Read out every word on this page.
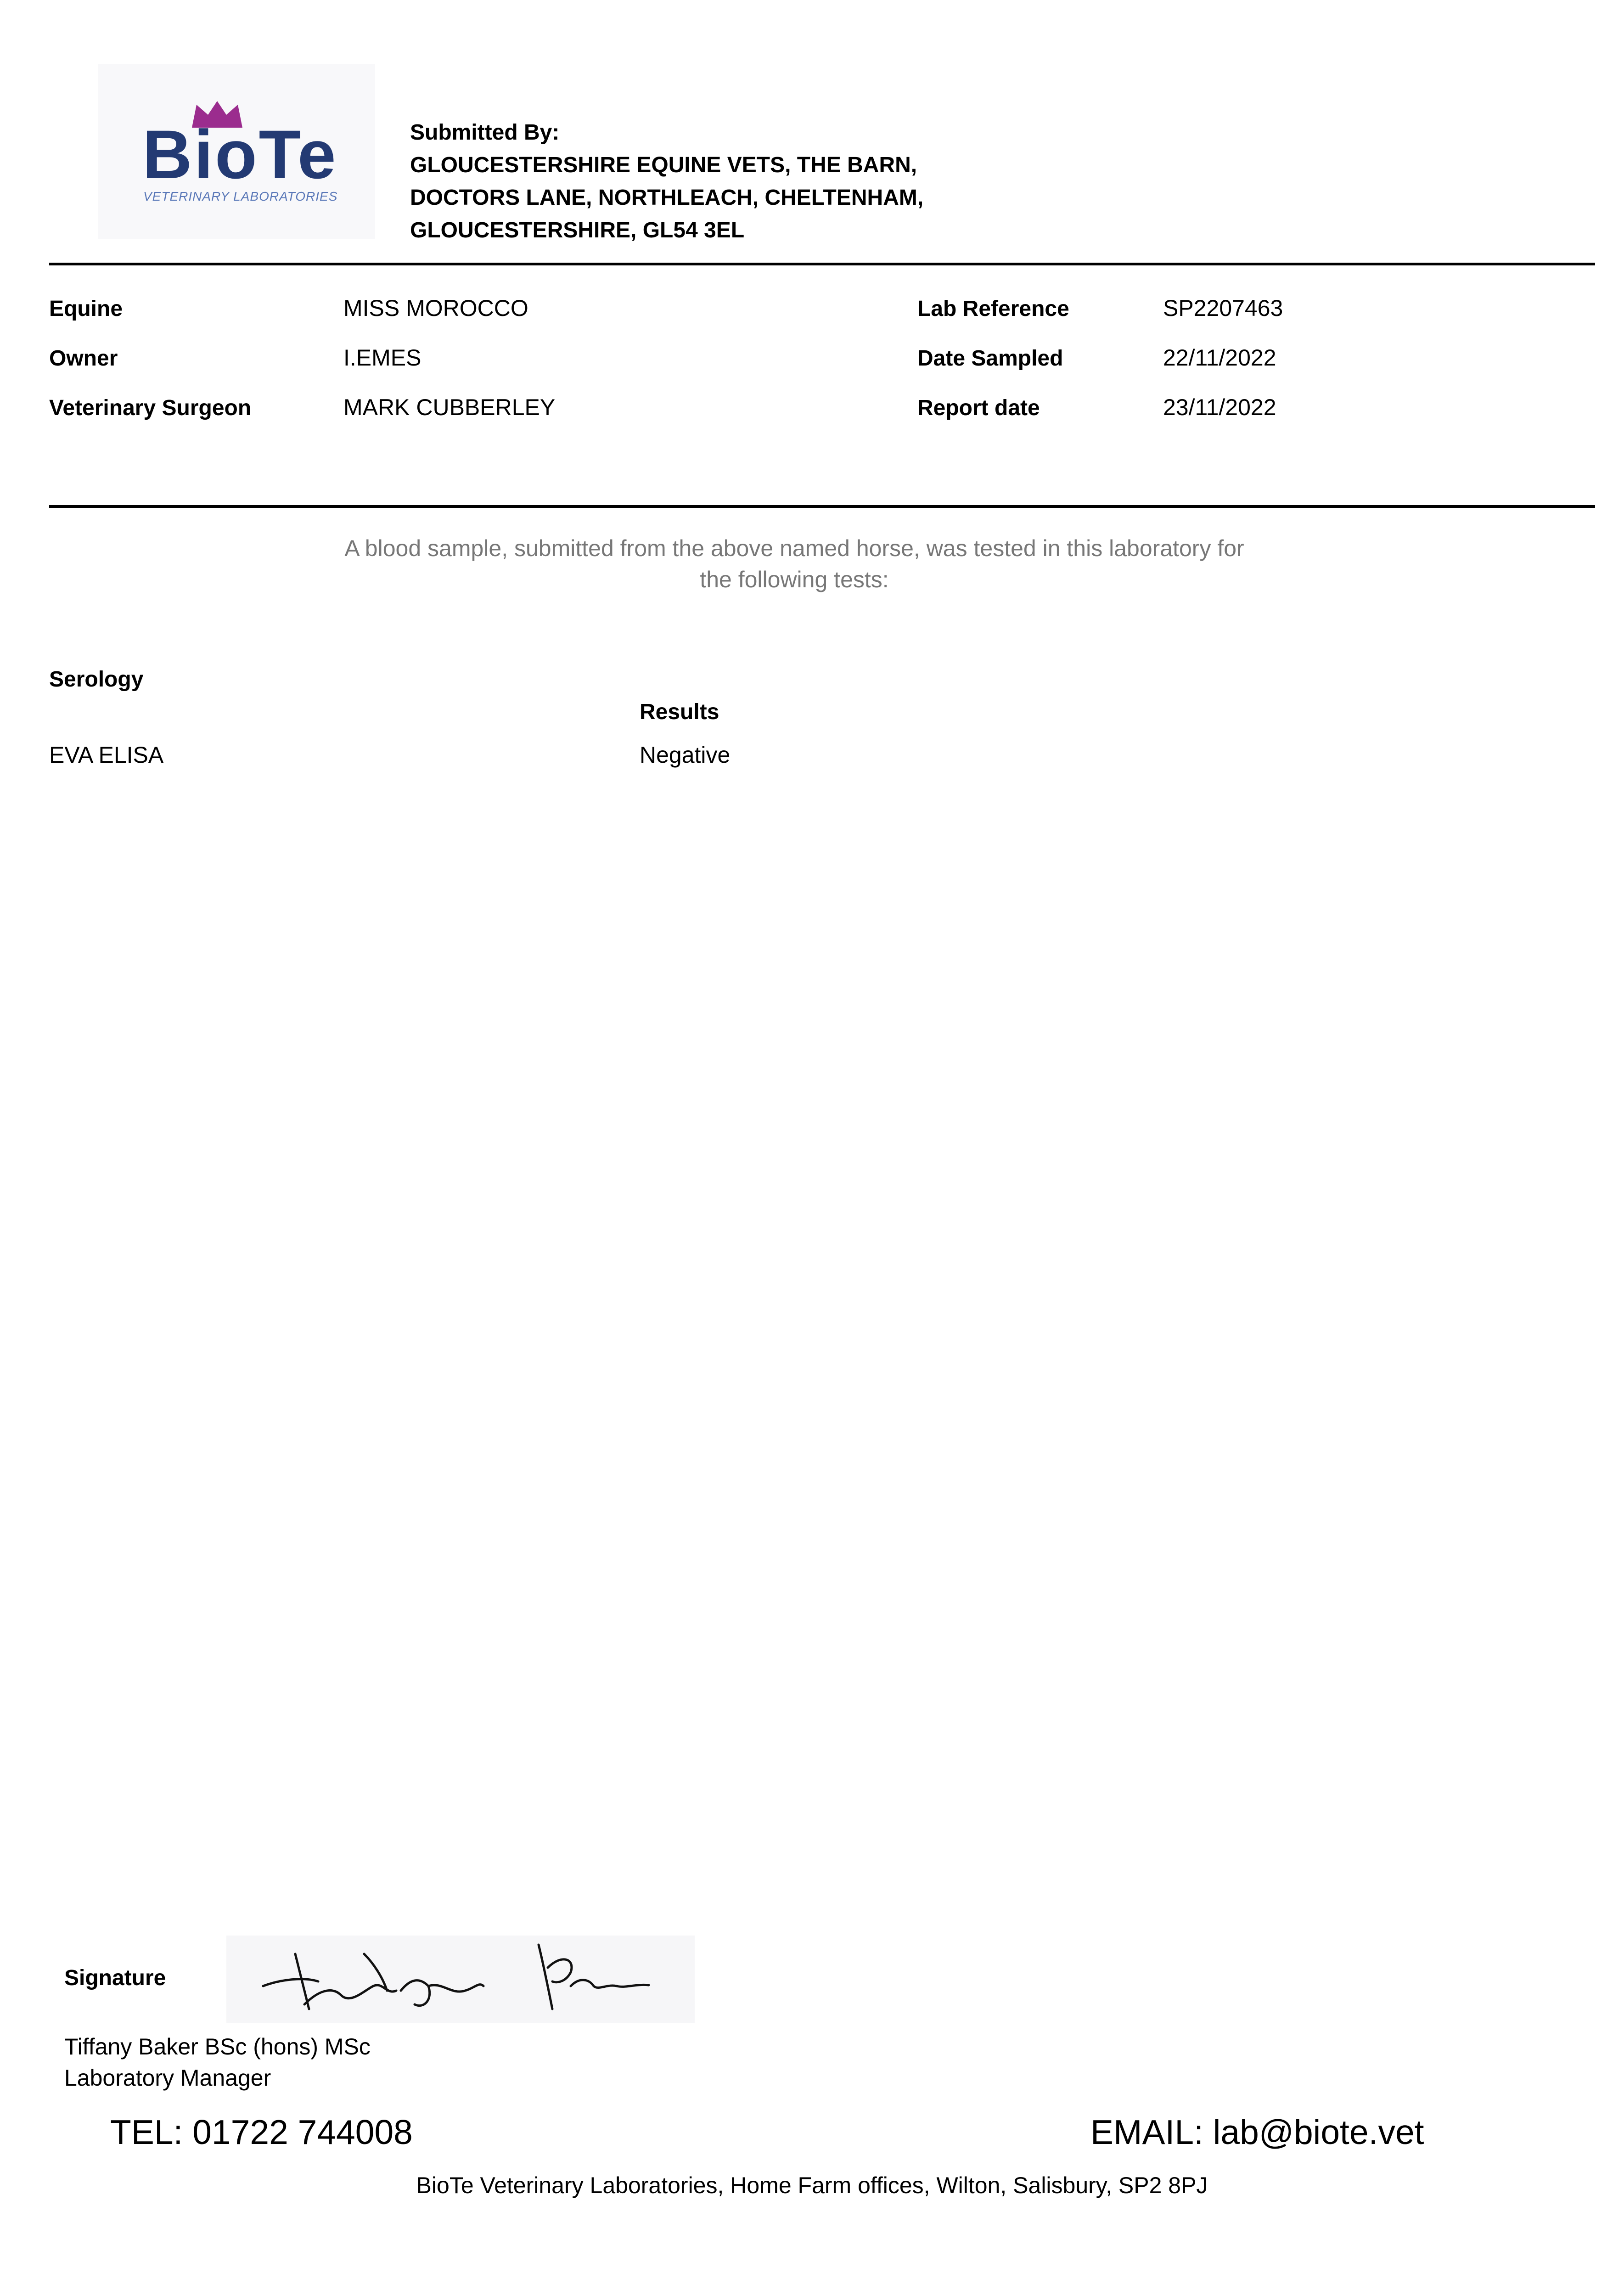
BioTe
VETERINARY LABORATORIES
Submitted By:
GLOUCESTERSHIRE EQUINE VETS, THE BARN,
DOCTORS LANE, NORTHLEACH, CHELTENHAM,
GLOUCESTERSHIRE, GL54 3EL
Equine	MISS MOROCCO
Owner	I.EMES
Veterinary Surgeon	MARK CUBBERLEY
Lab Reference	SP2207463
Date Sampled	22/11/2022
Report date	23/11/2022
A blood sample, submitted from the above named horse, was tested in this laboratory for
the following tests:
Serology
Results
EVA ELISA	Negative
Signature
Tiffany Baker BSc (hons) MSc
Laboratory Manager
TEL: 01722 744008	EMAIL: lab@biote.vet
BioTe Veterinary Laboratories, Home Farm offices, Wilton, Salisbury, SP2 8PJ
